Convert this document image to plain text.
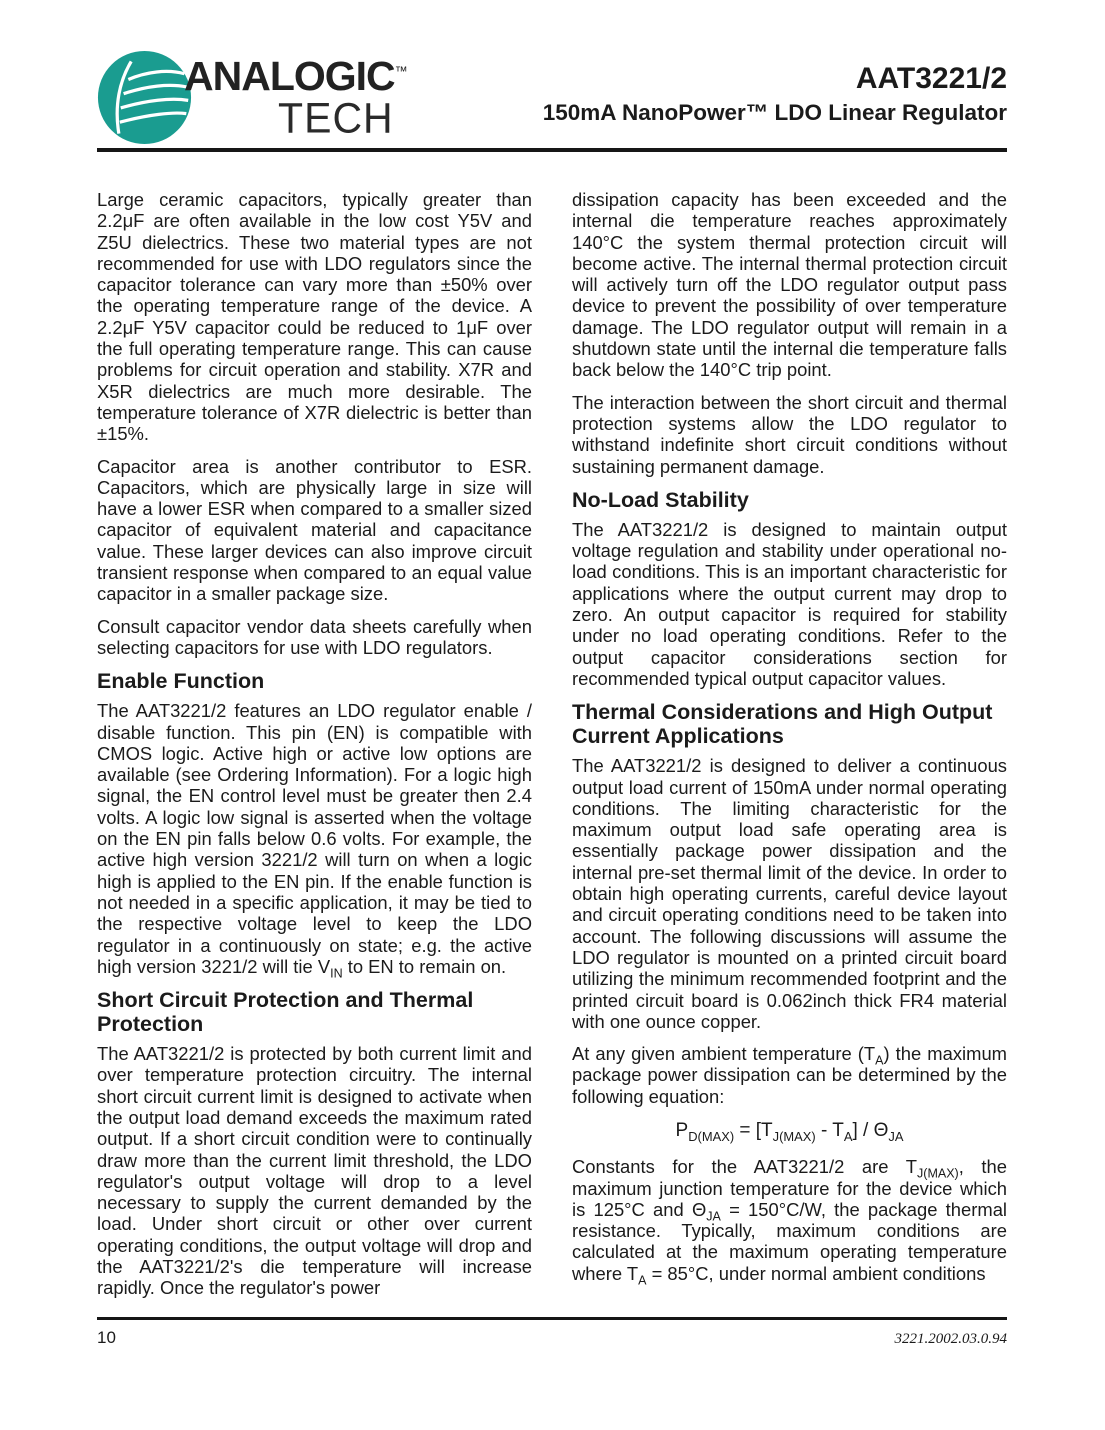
ANALOGIC™
TECH
AAT3221/2
150mA NanoPower™ LDO Linear Regulator
Large ceramic capacitors, typically greater than 2.2μF are often available in the low cost Y5V and Z5U dielectrics. These two material types are not recommended for use with LDO regulators since the capacitor tolerance can vary more than ±50% over the operating temperature range of the device. A 2.2μF Y5V capacitor could be reduced to 1μF over the full operating temperature range. This can cause problems for circuit operation and stability. X7R and X5R dielectrics are much more desirable. The temperature tolerance of X7R dielectric is better than ±15%.
Capacitor area is another contributor to ESR. Capacitors, which are physically large in size will have a lower ESR when compared to a smaller sized capacitor of equivalent material and capacitance value. These larger devices can also improve circuit transient response when compared to an equal value capacitor in a smaller package size.
Consult capacitor vendor data sheets carefully when selecting capacitors for use with LDO regulators.
Enable Function
The AAT3221/2 features an LDO regulator enable / disable function. This pin (EN) is compatible with CMOS logic. Active high or active low options are available (see Ordering Information). For a logic high signal, the EN control level must be greater then 2.4 volts. A logic low signal is asserted when the voltage on the EN pin falls below 0.6 volts. For example, the active high version 3221/2 will turn on when a logic high is applied to the EN pin. If the enable function is not needed in a specific application, it may be tied to the respective voltage level to keep the LDO regulator in a continuously on state; e.g. the active high version 3221/2 will tie $V_{IN}$ to EN to remain on.
Short Circuit Protection and Thermal Protection
The AAT3221/2 is protected by both current limit and over temperature protection circuitry. The internal short circuit current limit is designed to activate when the output load demand exceeds the maximum rated output. If a short circuit condition were to continually draw more than the current limit threshold, the LDO regulator's output voltage will drop to a level necessary to supply the current demanded by the load. Under short circuit or other over current operating conditions, the output voltage will drop and the AAT3221/2's die temperature will increase rapidly. Once the regulator's power
dissipation capacity has been exceeded and the internal die temperature reaches approximately 140°C the system thermal protection circuit will become active. The internal thermal protection circuit will actively turn off the LDO regulator output pass device to prevent the possibility of over temperature damage. The LDO regulator output will remain in a shutdown state until the internal die temperature falls back below the 140°C trip point.
The interaction between the short circuit and thermal protection systems allow the LDO regulator to withstand indefinite short circuit conditions without sustaining permanent damage.
No-Load Stability
The AAT3221/2 is designed to maintain output voltage regulation and stability under operational no-load conditions. This is an important characteristic for applications where the output current may drop to zero. An output capacitor is required for stability under no load operating conditions. Refer to the output capacitor considerations section for recommended typical output capacitor values.
Thermal Considerations and High Output Current Applications
The AAT3221/2 is designed to deliver a continuous output load current of 150mA under normal operating conditions. The limiting characteristic for the maximum output load safe operating area is essentially package power dissipation and the internal pre-set thermal limit of the device. In order to obtain high operating currents, careful device layout and circuit operating conditions need to be taken into account. The following discussions will assume the LDO regulator is mounted on a printed circuit board utilizing the minimum recommended footprint and the printed circuit board is 0.062inch thick FR4 material with one ounce copper.
At any given ambient temperature $(T_A)$ the maximum package power dissipation can be determined by the following equation:
$P_{D(MAX)} = [T_{J(MAX)} - T_A] / \Theta_{JA}$
Constants for the AAT3221/2 are $T_{J(MAX)}$, the maximum junction temperature for the device which is 125°C and $\Theta_{JA} = 150^\circ C/W$, the package thermal resistance. Typically, maximum conditions are calculated at the maximum operating temperature where $T_A = 85^\circ C$, under normal ambient conditions
10	3221.2002.03.0.94
